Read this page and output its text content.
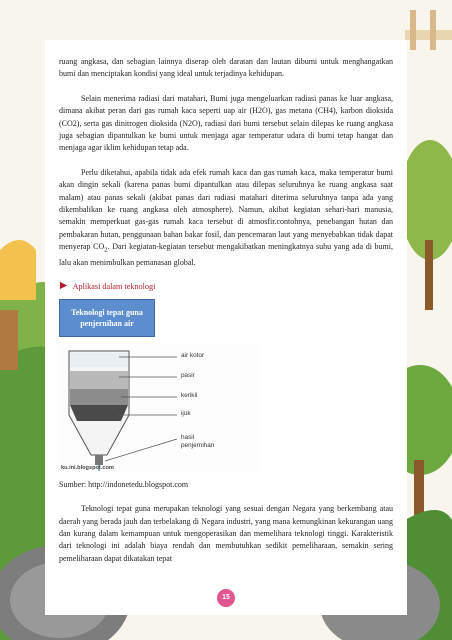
ruang angkasa, dan sebagian lainnya diserap oleh daratan dan lautan dibumi untuk menghangatkan bumi dan menciptakan kondisi yang ideal untuk terjadinya kehidupan.

Selain menerima radiasi dari matahari, Bumi juga mengeluarkan radiasi panas ke luar angkasa, dimana akibat peran dari gas rumah kaca seperti uap air (H2O), gas metana (CH4), karbon dioksida (CO2), serta gas dinitrogen dioksida (N2O), radiasi dari bumi tersebut selain dilepas ke ruang angkasa juga sebagian dipantulkan ke bumi untuk menjaga agar temperatur udara di bumi tetap hangat dan menjaga agar iklim kehidupan tetap ada.

Perlu diketahui, apabila tidak ada efek rumah kaca dan gas rumah kaca, maka temperatur bumi akan dingin sekali (karena panas bumi dipantulkan atau dilepas seluruhnya ke ruang angkasa saat malam) atau panas sekali (akibat panas dari radiasi matahari diterima seluruhnya tanpa ada yang dikembalikan ke ruang angkasa oleh atmosphere). Namun, akibat kegiatan sehari-hari manusia, semakin memperkuat gas-gas rumah kaca tersebut di atmosfir.contohnya, penebangan hutan dan pembakaran hutan, penggunaan bahan bakar fosil, dan pencemaran laut yang menyebabkan tidak dapat menyerap $CO_2$. Dari kegiatan-kegiatan tersebut mengakibatkan meningkatnya suhu yang ada di bumi, lalu akan menimbulkan pemanasan global.

Aplikasi dalam teknologi
Teknologi tepat guna
penjernihan air
air kotor
pasir
kerikil
ijuk
hasil
penjernihan
ku.ini.blogspot.com

Sumber: http://indonetedu.blogspot.com

Teknologi tepat guna merupakan teknologi yang sesuai dengan Negara yang berkembang atau daerah yang berada jauh dan terbelakang di Negara industri, yang mana kemungkinan kekurangan uang dan kurang dalam kemampuan untuk mengoperasikan dan memelihara teknologi tinggi. Karakteristik dari teknologi ini adalah biaya rendah dan membutuhkan sedikit pemeliharaan, semakin sering pemeliharaan dapat dikatakan tepat

15
